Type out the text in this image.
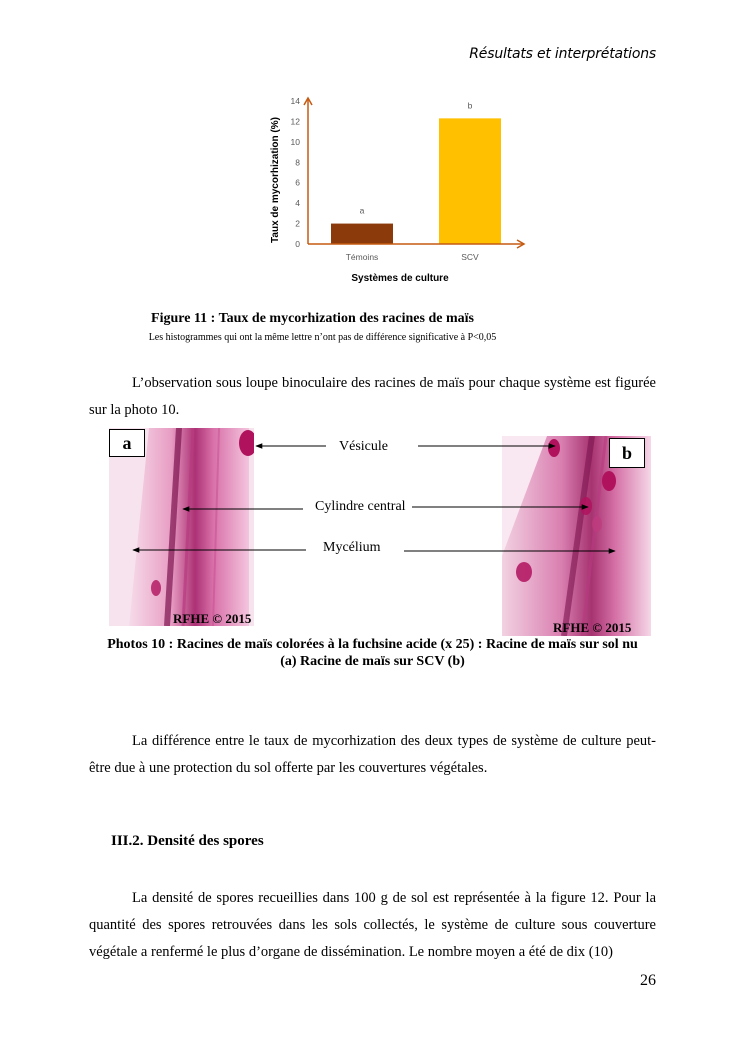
Résultats et interprétations
0
2
4
6
8
10
12
14
a
Témoins
b
SCV
Taux de mycorhization (%)
Systèmes de culture
Figure 11 : Taux de mycorhization des racines de maïs
Les histogrammes qui ont la même lettre n’ont pas de différence significative à P<0,05
L’observation sous loupe binoculaire des racines de maïs pour chaque système est figurée sur la photo 10.
a
RFHE © 2015
b
RFHE © 2015
Vésicule
Cylindre central
Mycélium
Photos 10 : Racines de maïs colorées à la fuchsine acide (x 25) : Racine de maïs sur sol nu
(a) Racine de maïs sur SCV (b)
La différence entre le taux de mycorhization des deux types de système de culture peut-être due à une protection du sol offerte par les couvertures végétales.
III.2. Densité des spores
La densité de spores recueillies dans 100 g de sol est représentée à la figure 12. Pour la quantité des spores retrouvées dans les sols collectés, le système de culture sous couverture végétale a renfermé le plus d’organe de dissémination. Le nombre moyen a été de dix (10)
26
